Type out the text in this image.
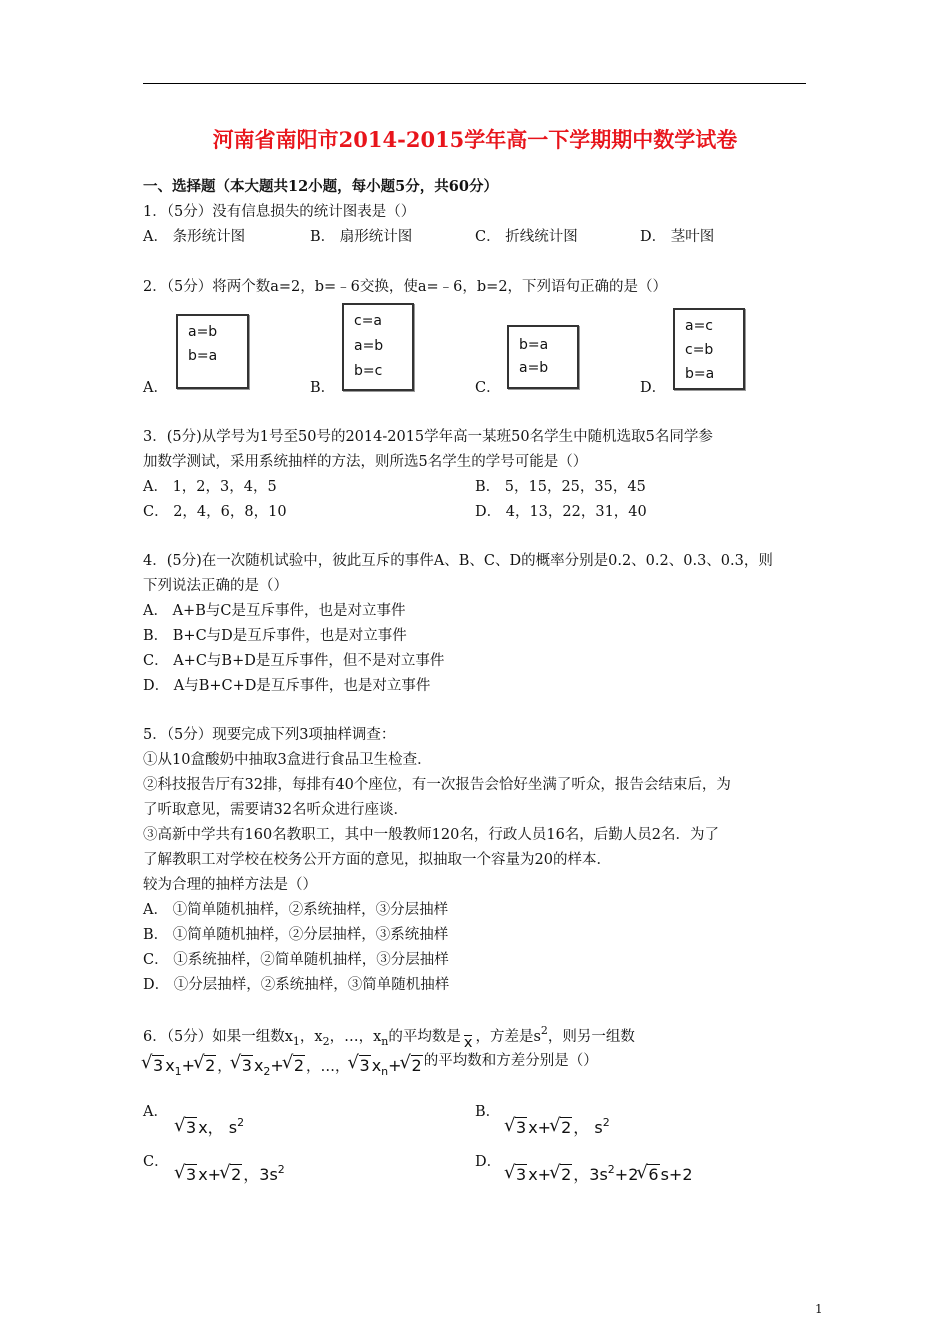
河南省南阳市2014-2015学年高一下学期期中数学试卷
一、选择题（本大题共12小题，每小题5分，共60分）
1．（5分）没有信息损失的统计图表是（）
A． 条形统计图	B． 扇形统计图	C． 折线统计图	D． 茎叶图
2．（5分）将两个数a=2，b=﹣6交换，使a=﹣6，b=2，下列语句正确的是（）
A．
a=b
b=a
B．
c=a
a=b
b=c
C．
b=a
a=b
D．
a=c
c=b
b=a
3．(5分)从学号为1号至50号的2014-2015学年高一某班50名学生中随机选取5名同学参
加数学测试，采用系统抽样的方法，则所选5名学生的学号可能是（）
A． 1，2，3，4，5	B． 5，15，25，35，45
C． 2，4，6，8，10	D． 4，13，22，31，40
4．(5分)在一次随机试验中，彼此互斥的事件A、B、C、D的概率分别是0.2、0.2、0.3、0.3，则
下列说法正确的是（）
A． A+B与C是互斥事件，也是对立事件
B． B+C与D是互斥事件，也是对立事件
C． A+C与B+D是互斥事件，但不是对立事件
D． A与B+C+D是互斥事件，也是对立事件
5．（5分）现要完成下列3项抽样调查：
①从10盒酸奶中抽取3盒进行食品卫生检查．
②科技报告厅有32排，每排有40个座位，有一次报告会恰好坐满了听众，报告会结束后，为
了听取意见，需要请32名听众进行座谈．
③高新中学共有160名教职工，其中一般教师120名，行政人员16名，后勤人员2名．为了
了解教职工对学校在校务公开方面的意见，拟抽取一个容量为20的样本．
较为合理的抽样方法是（）
A． ①简单随机抽样，②系统抽样，③分层抽样
B． ①简单随机抽样，②分层抽样，③系统抽样
C． ①系统抽样，②简单随机抽样，③分层抽样
D． ①分层抽样，②系统抽样，③简单随机抽样
6．（5分）如果一组数$x_1$，$x_2$，…，$x_n$的平均数是 x ，方差是$s^2$，则另一组数
√ 3 $x_1+√$ 2 ，√ 3 $x_2+√$ 2 ，…，√ 3 $x_n+√$ 2 的平均数和方差分别是（）
A．
√ 3 x， $s^2$
B．
√ 3 x+√ 2 ， $s^2$
C．
√ 3 x+√ 2 ，$3s^2$	D．
√ 3 x+√ 2 ，$3s^2+2√$ 6 s+2
1
